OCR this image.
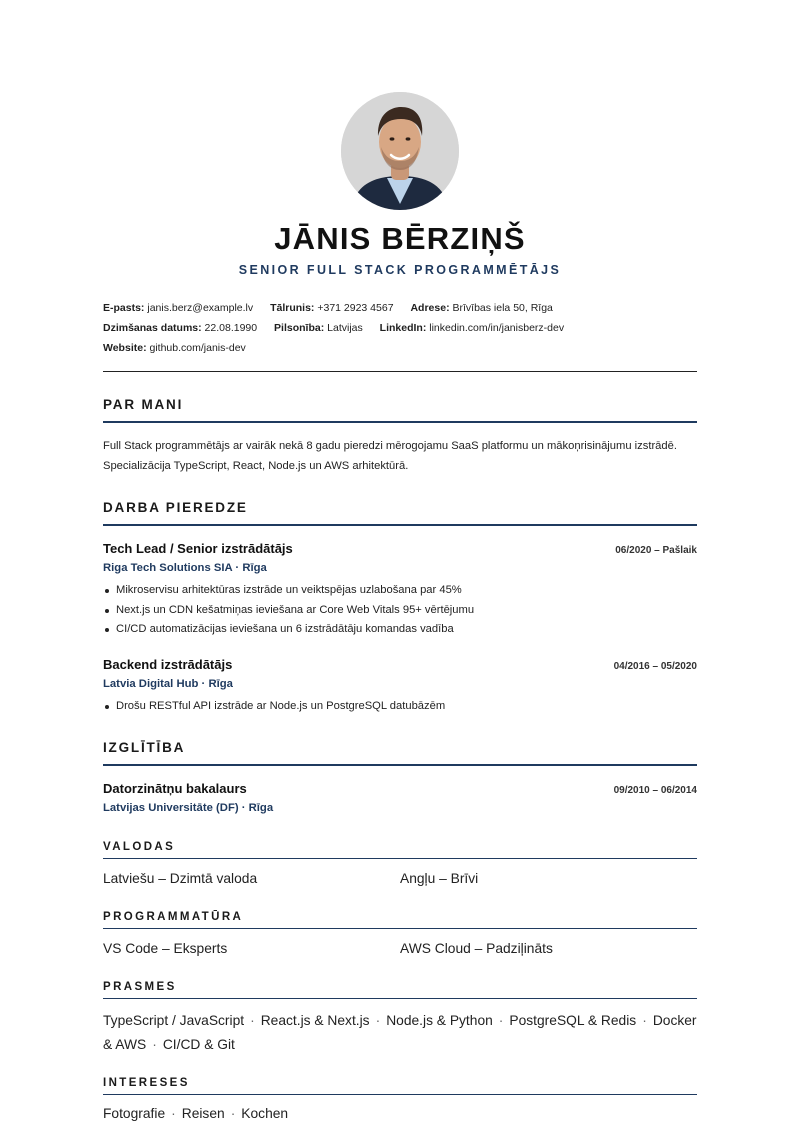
JĀNIS BĒRZIŅŠ
SENIOR FULL STACK PROGRAMMĒTĀJS
E-pasts: janis.berz@example.lv Tālrunis: +371 2923 4567 Adrese: Brīvības iela 50, Rīga
Dzimšanas datums: 22.08.1990 Pilsonība: Latvijas LinkedIn: linkedin.com/in/janisberz-dev
Website: github.com/janis-dev
PAR MANI
Full Stack programmētājs ar vairāk nekā 8 gadu pieredzi mērogojamu SaaS platformu un mākoņrisinājumu izstrādē. Specializācija TypeScript, React, Node.js un AWS arhitektūrā.
DARBA PIEREDZE
Tech Lead / Senior izstrādātājs	06/2020 – Pašlaik
Riga Tech Solutions SIA · Rīga
Mikroservisu arhitektūras izstrāde un veiktspējas uzlabošana par 45%
Next.js un CDN kešatmiņas ieviešana ar Core Web Vitals 95+ vērtējumu
CI/CD automatizācijas ieviešana un 6 izstrādātāju komandas vadība
Backend izstrādātājs	04/2016 – 05/2020
Latvia Digital Hub · Rīga
Drošu RESTful API izstrāde ar Node.js un PostgreSQL datubāzēm
IZGLĪTĪBA
Datorzinātņu bakalaurs	09/2010 – 06/2014
Latvijas Universitāte (DF) · Rīga
VALODAS
Latviešu – Dzimtā valoda	Angļu – Brīvi
PROGRAMMATŪRA
VS Code – Eksperts	AWS Cloud – Padziļināts
PRASMES
TypeScript / JavaScript · React.js & Next.js · Node.js & Python · PostgreSQL & Redis · Docker & AWS · CI/CD & Git
INTERESES
Fotografie · Reisen · Kochen
